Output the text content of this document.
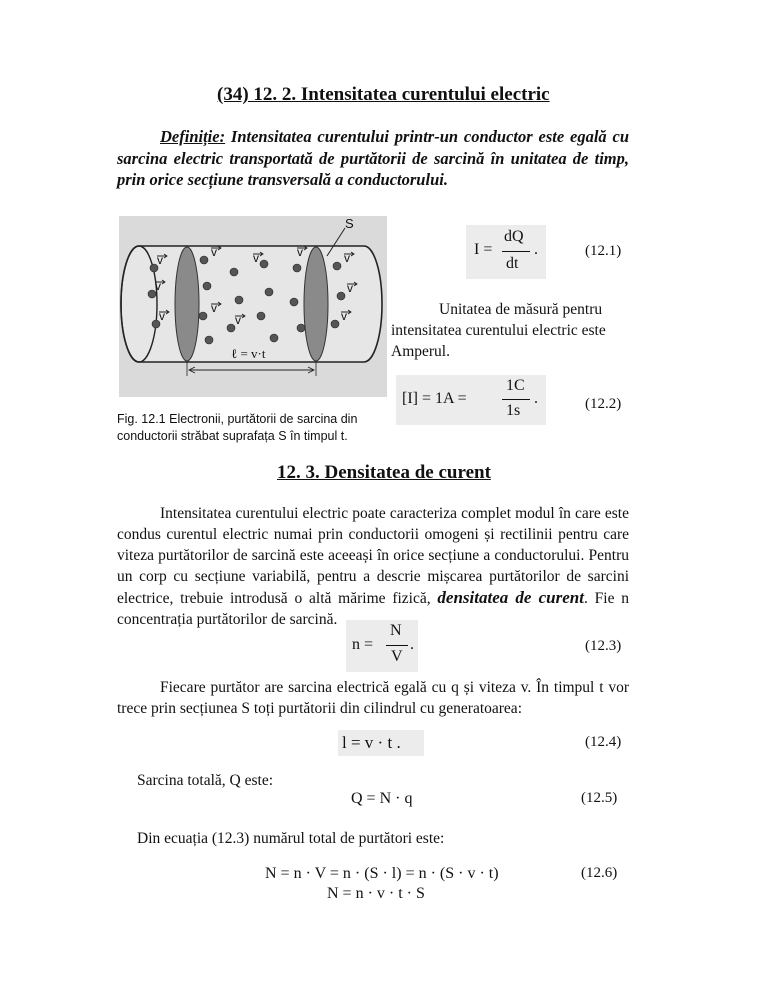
(34) 12. 2. Intensitatea curentului electric
Definiție: Intensitatea curentului printr-un conductor este egală cu sarcina electric transportată de purtătorii de sarcină în unitatea de timp, prin orice secțiune transversală a conductorului.
S
v
v
v
v
v
v
v
v	v
v
v
ℓ = v·t
Fig. 12.1 Electronii, purtătorii de sarcina din conductorii străbat suprafața S în timpul t.
I =
dQ
dt
.	(12.1)
Unitatea de măsură pentru intensitatea curentului electric este Amperul.
[I] = 1A =
1C
1s
.	(12.2)
12. 3. Densitatea de curent
Intensitatea curentului electric poate caracteriza complet modul în care este condus curentul electric numai prin conductorii omogeni și rectilinii pentru care viteza purtătorilor de sarcină este aceeași în orice secțiune a conductorului. Pentru un corp cu secțiune variabilă, pentru a descrie mișcarea purtătorilor de sarcini electrice, trebuie introdusă o altă mărime fizică, densitatea de curent. Fie n concentrația purtătorilor de sarcină.
n =
N
V
.	(12.3)
Fiecare purtător are sarcina electrică egală cu q și viteza v. În timpul t vor trece prin secțiunea S toți purtătorii din cilindrul cu generatoarea:
l = v · t .	(12.4)
Sarcina totală, Q este:
Q = N · q	(12.5)
Din ecuația (12.3) numărul total de purtători este:
N = n · V = n · (S · l) = n · (S · v · t)
N = n · v · t · S
(12.6)
